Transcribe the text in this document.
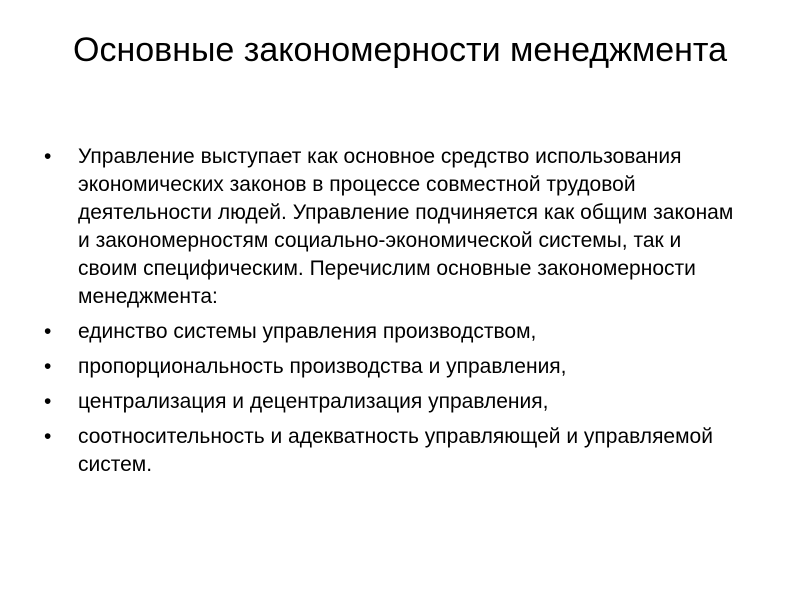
Основные закономерности менеджмента
•	Управление выступает как основное средство использования экономических законов в процессе совместной трудовой деятельности людей. Управление подчиняется как общим законам и закономерностям социально-экономической системы, так и своим специфическим. Перечислим основные закономерности менеджмента:
•	единство системы управления производством,
•	пропорциональность производства и управления,
•	централизация и децентрализация управления,
•	соотносительность и адекватность управляющей и управляемой систем.
